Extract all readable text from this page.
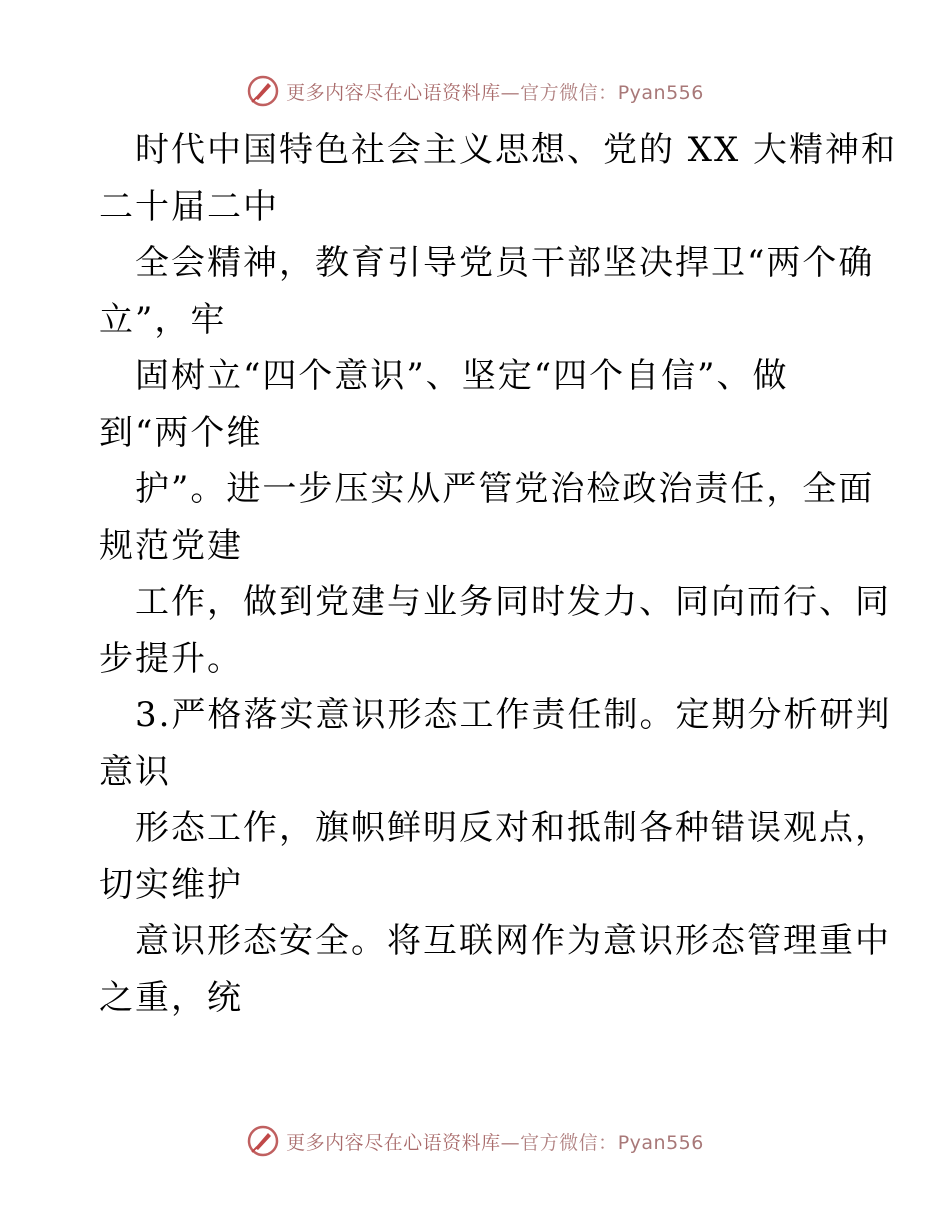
更多内容尽在心语资料库—官方微信：Pyan556
时代中国特色社会主义思想、党的 XX 大精神和
二十届二中
全会精神，教育引导党员干部坚决捍卫“两个确
立”，牢
固树立“四个意识”、坚定“四个自信”、做
到“两个维
护”。进一步压实从严管党治检政治责任，全面
规范党建
工作，做到党建与业务同时发力、同向而行、同
步提升。
3.严格落实意识形态工作责任制。定期分析研判
意识
形态工作，旗帜鲜明反对和抵制各种错误观点，
切实维护
意识形态安全。将互联网作为意识形态管理重中
之重，统
更多内容尽在心语资料库—官方微信：Pyan556
